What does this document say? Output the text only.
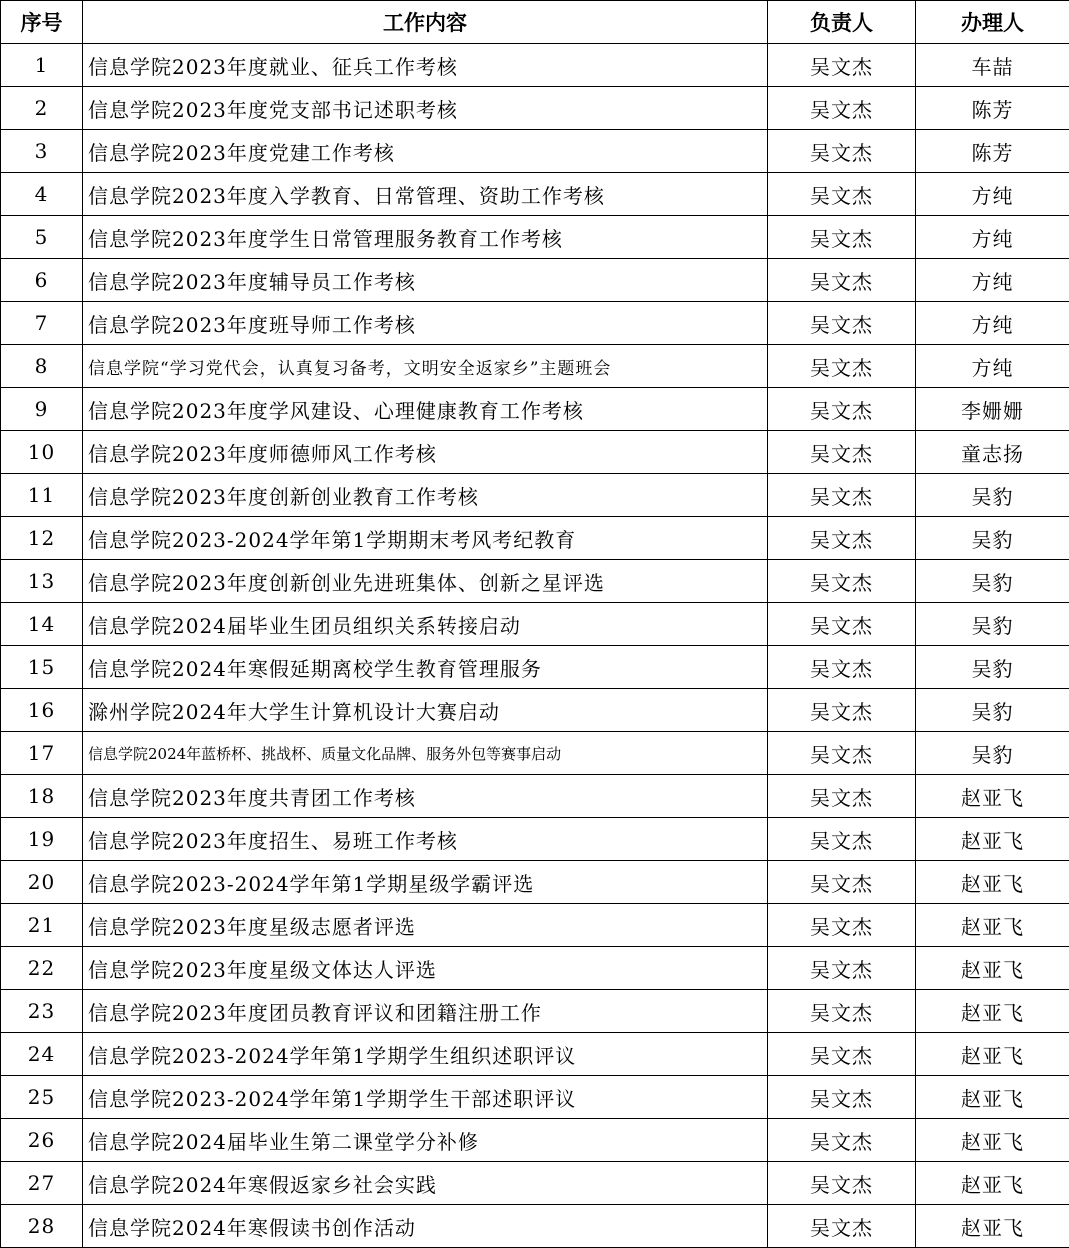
序号	工作内容	负责人	办理人
1	信息学院2023年度就业、征兵工作考核	吴文杰	车喆
2	信息学院2023年度党支部书记述职考核	吴文杰	陈芳
3	信息学院2023年度党建工作考核	吴文杰	陈芳
4	信息学院2023年度入学教育、日常管理、资助工作考核	吴文杰	方纯
5	信息学院2023年度学生日常管理服务教育工作考核	吴文杰	方纯
6	信息学院2023年度辅导员工作考核	吴文杰	方纯
7	信息学院2023年度班导师工作考核	吴文杰	方纯
8	信息学院“学习党代会，认真复习备考，文明安全返家乡”主题班会	吴文杰	方纯
9	信息学院2023年度学风建设、心理健康教育工作考核	吴文杰	李姗姗
10	信息学院2023年度师德师风工作考核	吴文杰	童志扬
11	信息学院2023年度创新创业教育工作考核	吴文杰	吴豹
12	信息学院2023-2024学年第1学期期末考风考纪教育	吴文杰	吴豹
13	信息学院2023年度创新创业先进班集体、创新之星评选	吴文杰	吴豹
14	信息学院2024届毕业生团员组织关系转接启动	吴文杰	吴豹
15	信息学院2024年寒假延期离校学生教育管理服务	吴文杰	吴豹
16	滁州学院2024年大学生计算机设计大赛启动	吴文杰	吴豹
17	信息学院2024年蓝桥杯、挑战杯、质量文化品牌、服务外包等赛事启动	吴文杰	吴豹
18	信息学院2023年度共青团工作考核	吴文杰	赵亚飞
19	信息学院2023年度招生、易班工作考核	吴文杰	赵亚飞
20	信息学院2023-2024学年第1学期星级学霸评选	吴文杰	赵亚飞
21	信息学院2023年度星级志愿者评选	吴文杰	赵亚飞
22	信息学院2023年度星级文体达人评选	吴文杰	赵亚飞
23	信息学院2023年度团员教育评议和团籍注册工作	吴文杰	赵亚飞
24	信息学院2023-2024学年第1学期学生组织述职评议	吴文杰	赵亚飞
25	信息学院2023-2024学年第1学期学生干部述职评议	吴文杰	赵亚飞
26	信息学院2024届毕业生第二课堂学分补修	吴文杰	赵亚飞
27	信息学院2024年寒假返家乡社会实践	吴文杰	赵亚飞
28	信息学院2024年寒假读书创作活动	吴文杰	赵亚飞
